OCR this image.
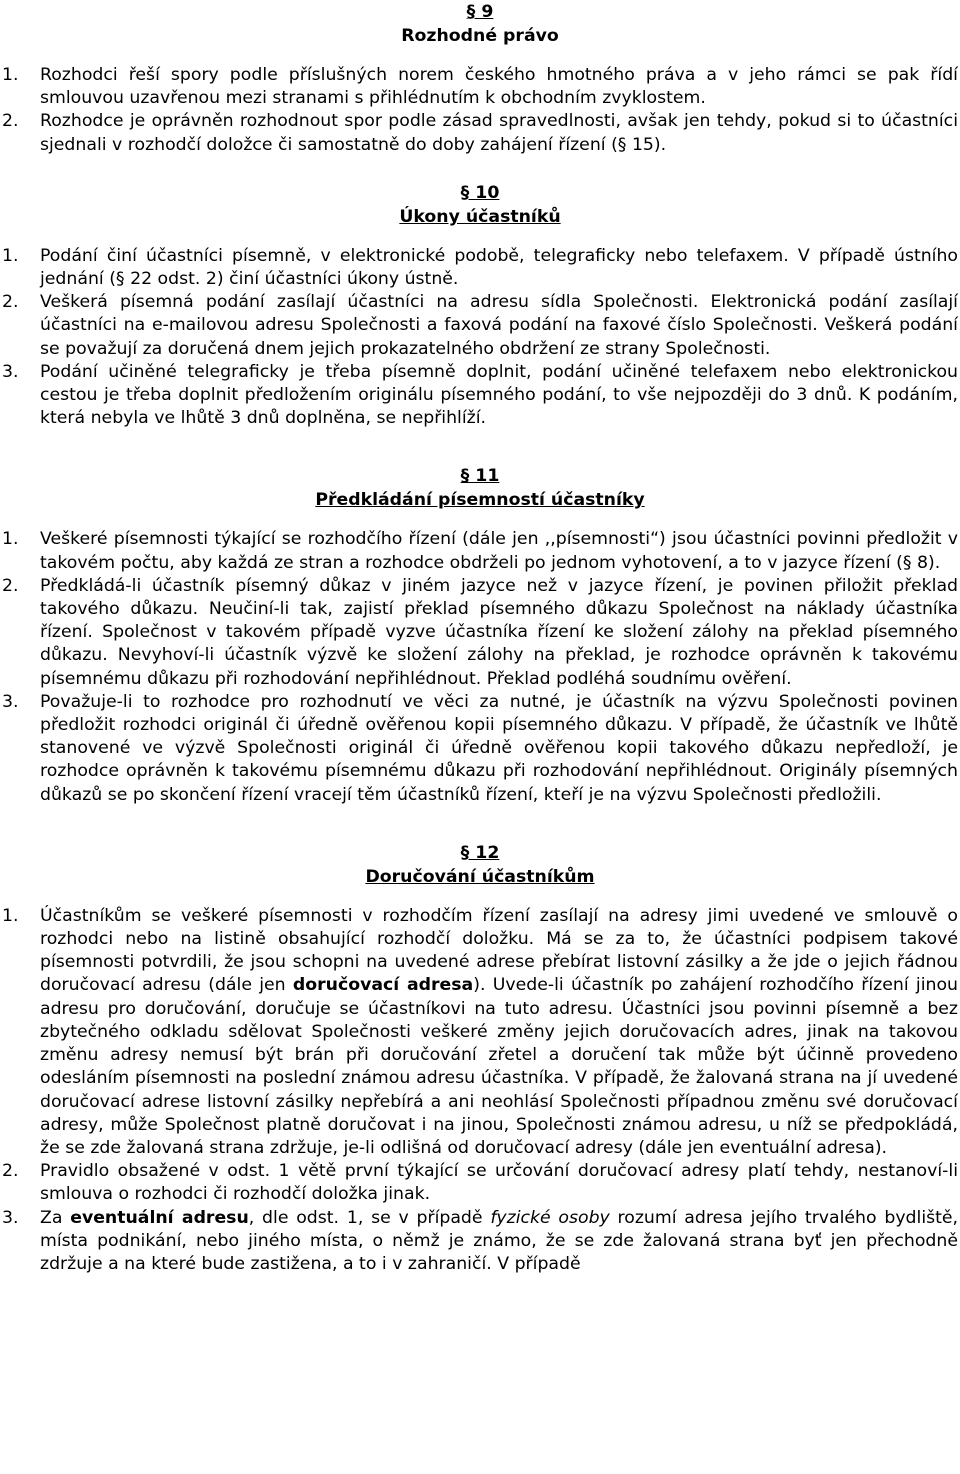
§ 9
Rozhodné právo
1. Rozhodci řeší spory podle příslušných norem českého hmotného práva a v jeho rámci se pak řídí smlouvou uzavřenou mezi stranami s přihlédnutím k obchodním zvyklostem.
2. Rozhodce je oprávněn rozhodnout spor podle zásad spravedlnosti, avšak jen tehdy, pokud si to účastníci sjednali v rozhodčí doložce či samostatně do doby zahájení řízení (§ 15).
§ 10
Úkony účastníků
1. Podání činí účastníci písemně, v elektronické podobě, telegraficky nebo telefaxem. V případě ústního jednání (§ 22 odst. 2) činí účastníci úkony ústně.
2. Veškerá písemná podání zasílají účastníci na adresu sídla Společnosti. Elektronická podání zasílají účastníci na e-mailovou adresu Společnosti a faxová podání na faxové číslo Společnosti. Veškerá podání se považují za doručená dnem jejich prokazatelného obdržení ze strany Společnosti.
3. Podání učiněné telegraficky je třeba písemně doplnit, podání učiněné telefaxem nebo elektronickou cestou je třeba doplnit předložením originálu písemného podání, to vše nejpozději do 3 dnů. K podáním, která nebyla ve lhůtě 3 dnů doplněna, se nepřihlíží.
§ 11
Předkládání písemností účastníky
1. Veškeré písemnosti týkající se rozhodčího řízení (dále jen ,,písemnosti“) jsou účastníci povinni předložit v takovém počtu, aby každá ze stran a rozhodce obdrželi po jednom vyhotovení, a to v jazyce řízení (§ 8).
2. Předkládá-li účastník písemný důkaz v jiném jazyce než v jazyce řízení, je povinen přiložit překlad takového důkazu. Neučiní-li tak, zajistí překlad písemného důkazu Společnost na náklady účastníka řízení. Společnost v takovém případě vyzve účastníka řízení ke složení zálohy na překlad písemného důkazu. Nevyhoví-li účastník výzvě ke složení zálohy na překlad, je rozhodce oprávněn k takovému písemnému důkazu při rozhodování nepřihlédnout. Překlad podléhá soudnímu ověření.
3. Považuje-li to rozhodce pro rozhodnutí ve věci za nutné, je účastník na výzvu Společnosti povinen předložit rozhodci originál či úředně ověřenou kopii písemného důkazu. V případě, že účastník ve lhůtě stanovené ve výzvě Společnosti originál či úředně ověřenou kopii takového důkazu nepředloží, je rozhodce oprávněn k takovému písemnému důkazu při rozhodování nepřihlédnout. Originály písemných důkazů se po skončení řízení vracejí těm účastníků řízení, kteří je na výzvu Společnosti předložili.
§ 12
Doručování účastníkům
1. Účastníkům se veškeré písemnosti v rozhodčím řízení zasílají na adresy jimi uvedené ve smlouvě o rozhodci nebo na listině obsahující rozhodčí doložku. Má se za to, že účastníci podpisem takové písemnosti potvrdili, že jsou schopni na uvedené adrese přebírat listovní zásilky a že jde o jejich řádnou doručovací adresu (dále jen doručovací adresa). Uvede-li účastník po zahájení rozhodčího řízení jinou adresu pro doručování, doručuje se účastníkovi na tuto adresu. Účastníci jsou povinni písemně a bez zbytečného odkladu sdělovat Společnosti veškeré změny jejich doručovacích adres, jinak na takovou změnu adresy nemusí být brán při doručování zřetel a doručení tak může být účinně provedeno odesláním písemnosti na poslední známou adresu účastníka. V případě, že žalovaná strana na jí uvedené doručovací adrese listovní zásilky nepřebírá a ani neohlásí Společnosti případnou změnu své doručovací adresy, může Společnost platně doručovat i na jinou, Společnosti známou adresu, u níž se předpokládá, že se zde žalovaná strana zdržuje, je-li odlišná od doručovací adresy (dále jen eventuální adresa).
2. Pravidlo obsažené v odst. 1 větě první týkající se určování doručovací adresy platí tehdy, nestanoví-li smlouva o rozhodci či rozhodčí doložka jinak.
3. Za eventuální adresu, dle odst. 1, se v případě fyzické osoby rozumí adresa jejího trvalého bydliště, místa podnikání, nebo jiného místa, o němž je známo, že se zde žalovaná strana byť jen přechodně zdržuje a na které bude zastižena, a to i v zahraničí. V případě
